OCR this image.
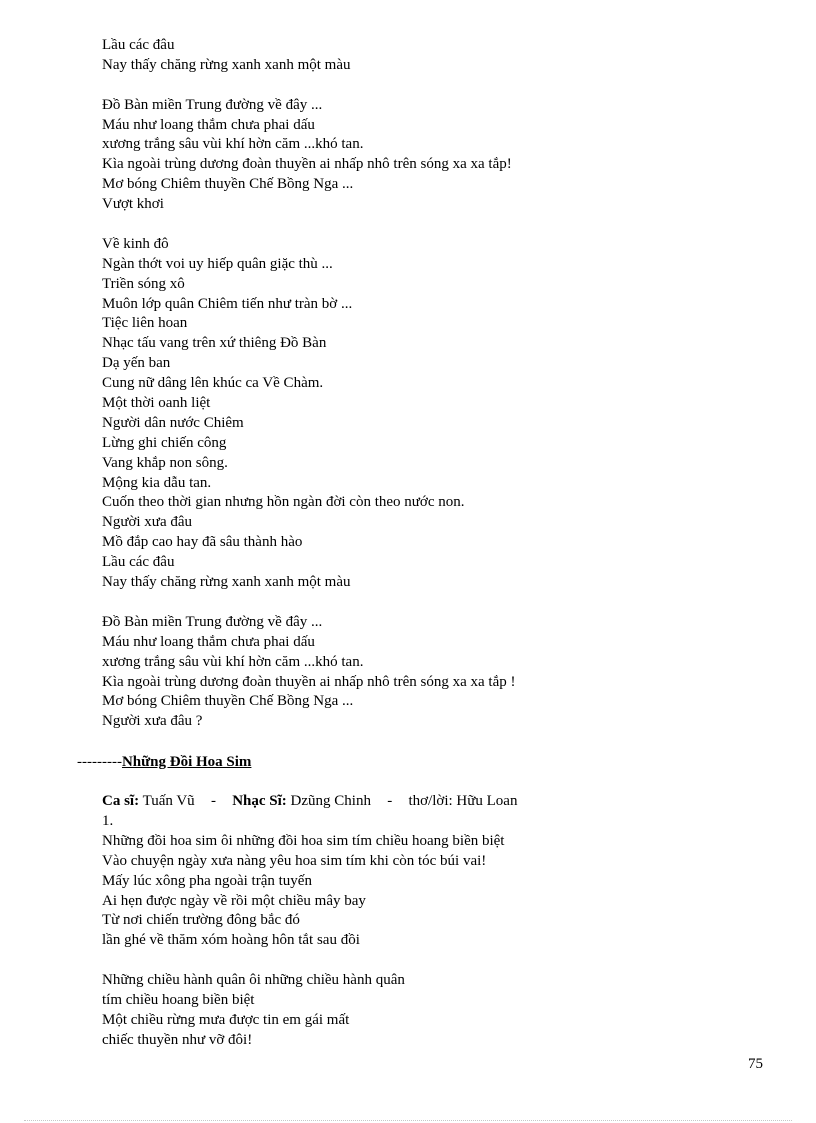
Lầu các đâu
Nay thấy chăng rừng xanh xanh một màu
Đồ Bàn miền Trung đường về đây ...
Máu như loang thắm chưa phai dấu
xương trắng sâu vùi khí hờn căm ...khó tan.
Kìa ngoài trùng dương đoàn thuyền ai nhấp nhô trên sóng xa xa tắp!
Mơ bóng Chiêm thuyền Chế Bồng Nga ...
Vượt khơi
Về kinh đô
Ngàn thớt voi uy hiếp quân giặc thù ...
Triền sóng xô
Muôn lớp quân Chiêm tiến như tràn bờ ...
Tiệc liên hoan
Nhạc tấu vang trên xứ thiêng Đồ Bàn
Dạ yến ban
Cung nữ dâng lên khúc ca Về Chàm.
Một thời oanh liệt
Người dân nước Chiêm
Lừng ghi chiến công
Vang khắp non sông.
Mộng kia dẫu tan.
Cuốn theo thời gian nhưng hồn ngàn đời còn theo nước non.
Người xưa đâu
Mồ đắp cao hay đã sâu thành hào
Lầu các đâu
Nay thấy chăng rừng xanh xanh một màu
Đồ Bàn miền Trung đường về đây ...
Máu như loang thắm chưa phai dấu
xương trắng sâu vùi khí hờn căm ...khó tan.
Kìa ngoài trùng dương đoàn thuyền ai nhấp nhô trên sóng xa xa tắp !
Mơ bóng Chiêm thuyền Chế Bồng Nga ...
Người xưa đâu ?
---------Những Đồi Hoa Sim
Ca sĩ: Tuấn Vũ - Nhạc Sĩ: Dzũng Chinh - thơ/lời: Hữu Loan
1.
Những đồi hoa sim ôi những đồi hoa sim tím chiều hoang biền biệt
Vào chuyện ngày xưa nàng yêu hoa sim tím khi còn tóc búi vai!
Mấy lúc xông pha ngoài trận tuyến
Ai hẹn được ngày về rồi một chiều mây bay
Từ nơi chiến trường đông bắc đó
lần ghé về thăm xóm hoàng hôn tắt sau đồi
Những chiều hành quân ôi những chiều hành quân
tím chiều hoang biền biệt
Một chiều rừng mưa được tin em gái mất
chiếc thuyền như vỡ đôi!
75
